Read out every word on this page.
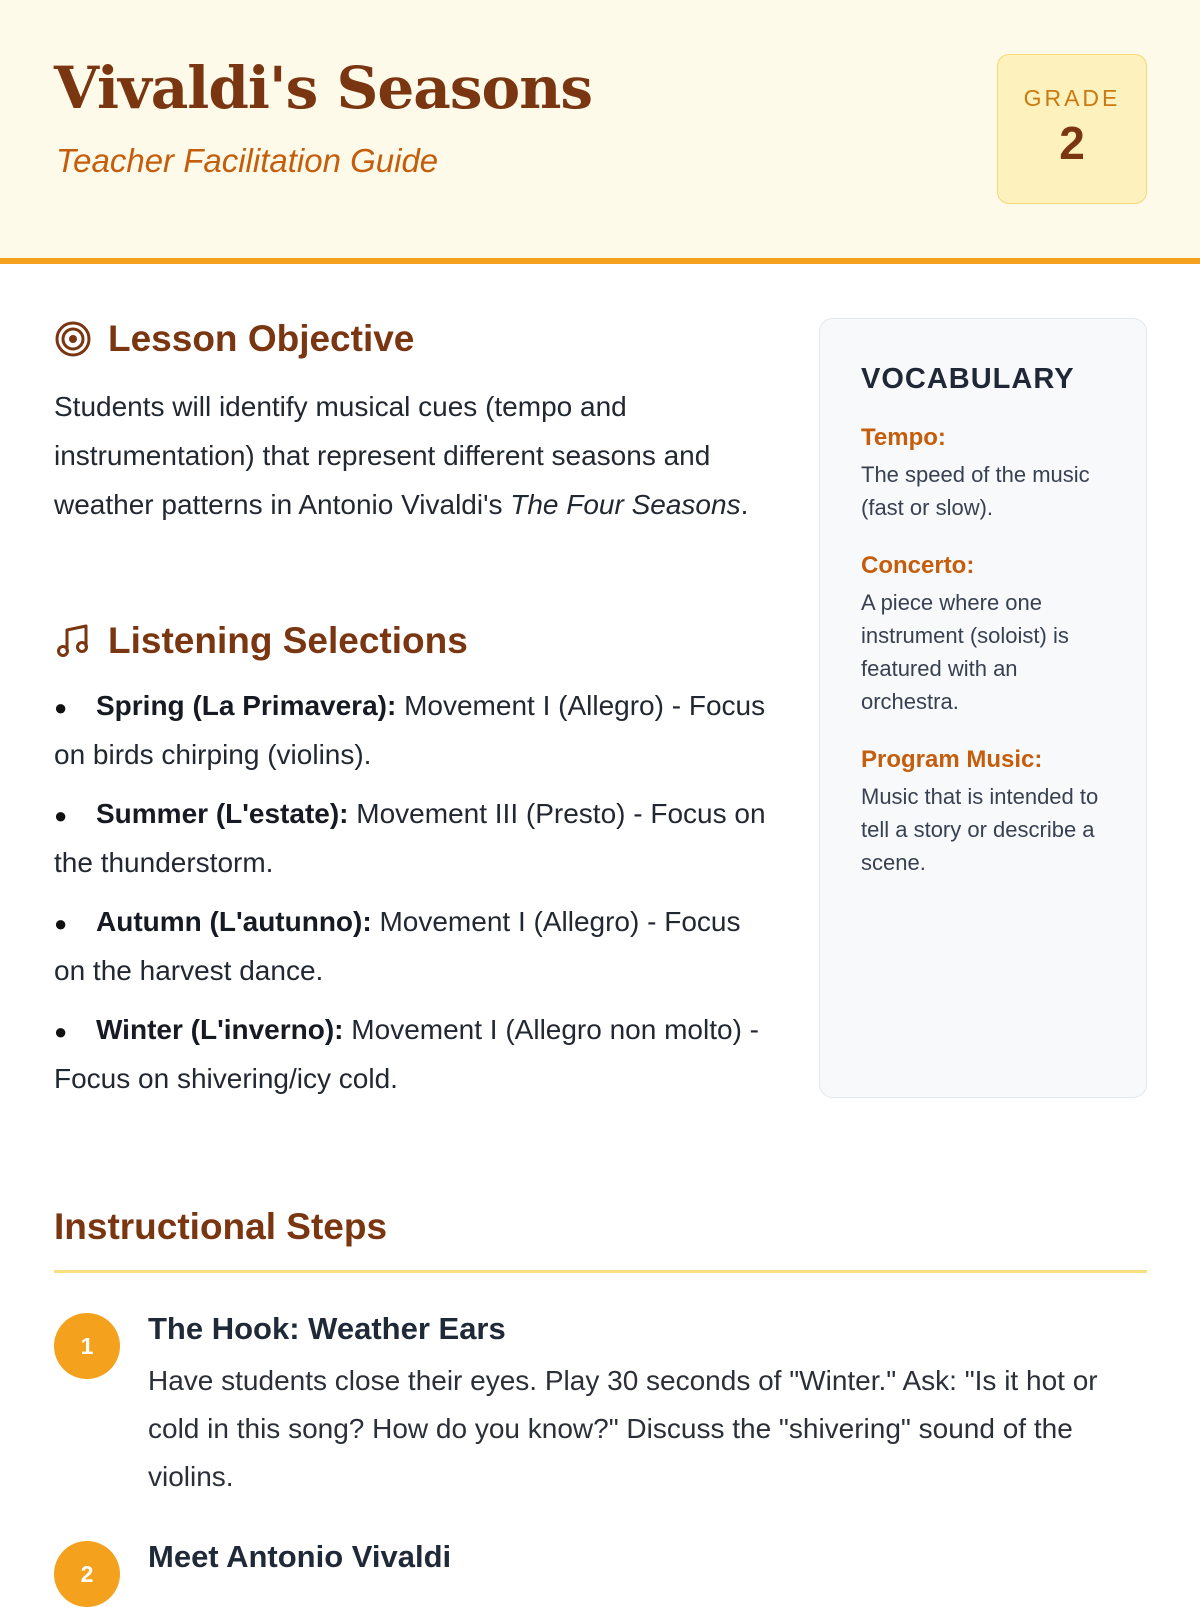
Vivaldi's Seasons
Teacher Facilitation Guide
GRADE
2
Lesson Objective

Students will identify musical cues (tempo and instrumentation) that represent different seasons and weather patterns in Antonio Vivaldi's The Four Seasons.

Listening Selections
● Spring (La Primavera): Movement I (Allegro) - Focus on birds chirping (violins).
● Summer (L'estate): Movement III (Presto) - Focus on the thunderstorm.
● Autumn (L'autunno): Movement I (Allegro) - Focus on the harvest dance.
● Winter (L'inverno): Movement I (Allegro non molto) - Focus on shivering/icy cold.
VOCABULARY

Tempo:

The speed of the music (fast or slow).

Concerto:

A piece where one instrument (soloist) is featured with an orchestra.

Program Music:

Music that is intended to tell a story or describe a scene.

Instructional Steps
1	The Hook: Weather Ears

Have students close their eyes. Play 30 seconds of "Winter." Ask: "Is it hot or cold in this song? How do you know?" Discuss the "shivering" sound of the violins.

2	Meet Antonio Vivaldi
